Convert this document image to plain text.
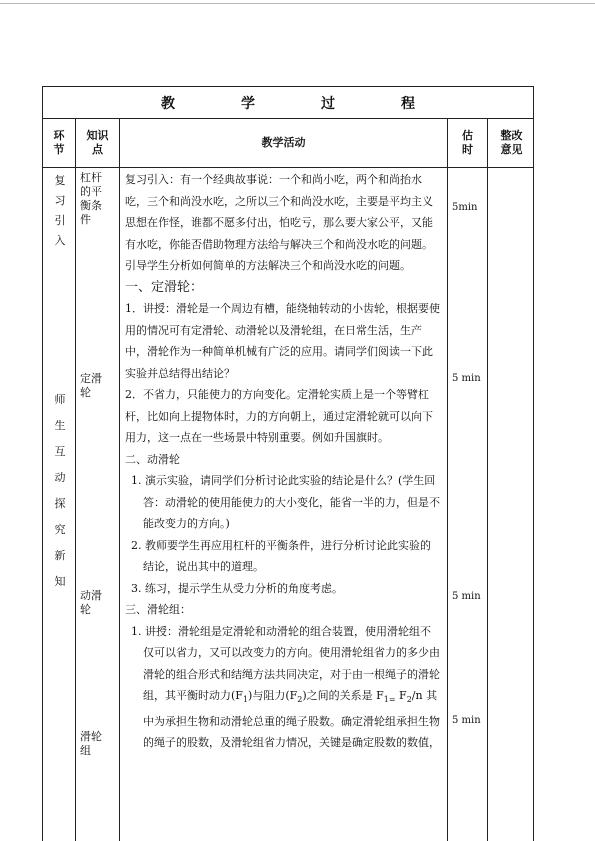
教　学　过　程
环
节
知识
点
教学活动
估
时
整改
意见
复
习
引
入
师
生
互
动
探
究
新
知
杠杆
的平
衡条
件
定滑
轮
动滑
轮
滑轮
组
5min
5 min
5 min
5 min

复习引入：有一个经典故事说：一个和尚小吃，两个和尚抬水吃，三个和尚没水吃，之所以三个和尚没水吃，主要是平均主义思想在作怪，谁都不愿多付出，怕吃亏，那么要大家公平，又能有水吃，你能否借助物理方法给与解决三个和尚没水吃的问题。引导学生分析如何简单的方法解决三个和尚没水吃的问题。

一、定滑轮：

1．讲授：滑轮是一个周边有槽，能绕轴转动的小齿轮，根据要使用的情况可有定滑轮、动滑轮以及滑轮组，在日常生活，生产中，滑轮作为一种简单机械有广泛的应用。请同学们阅读一下此实验并总结得出结论？

2．不省力，只能使力的方向变化。定滑轮实质上是一个等臂杠杆，比如向上提物体时，力的方向朝上，通过定滑轮就可以向下用力，这一点在一些场景中特别重要。例如升国旗时。

二、动滑轮

1. 演示实验，请同学们分析讨论此实验的结论是什么？(学生回答：动滑轮的使用能使力的大小变化，能省一半的力，但是不能改变力的方向。)

2. 教师要学生再应用杠杆的平衡条件，进行分析讨论此实验的结论，说出其中的道理。

3. 练习，提示学生从受力分析的角度考虑。

三、滑轮组：

1. 讲授：滑轮组是定滑轮和动滑轮的组合装置，使用滑轮组不仅可以省力，又可以改变力的方向。使用滑轮组省力的多少由滑轮的组合形式和结绳方法共同决定，对于由一根绳子的滑轮组，其平衡时动力$(F_1)$与阻力$(F_2)$之间的关系是 $F_{1=}$ $F_2/n$ 其中为承担生物和动滑轮总重的绳子股数。确定滑轮组承担生物的绳子的股数，及滑轮组省力情况，关键是确定股数的数值，
